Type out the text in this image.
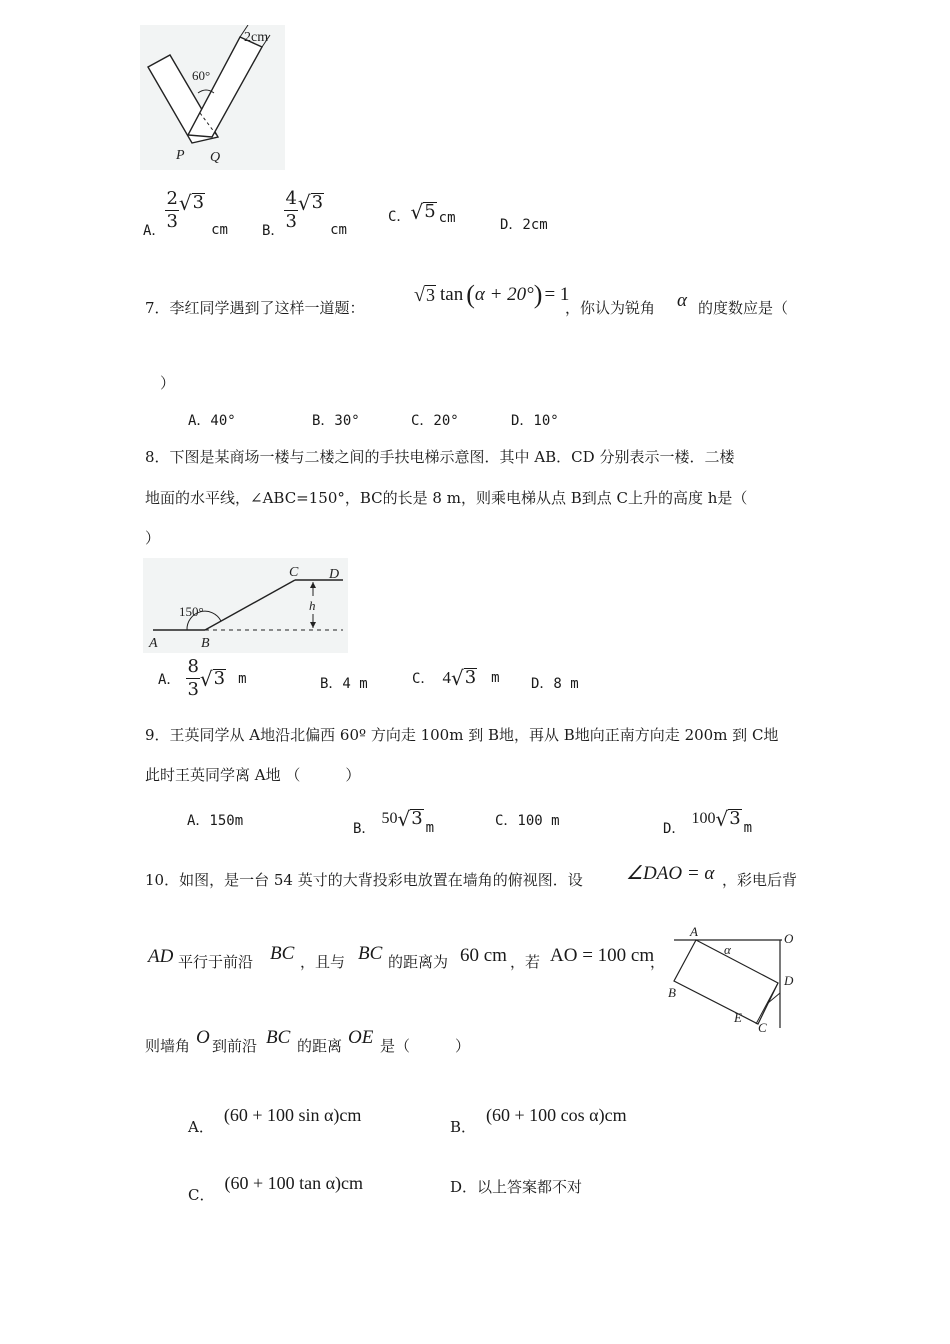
2cm
60°
P Q
A．
$\frac{2}{3}$ √ 3
cm B．
$\frac{4}{3}$ √ 3
cm
C． √ 5 cm	D．2cm
7．李红同学遇到了这样一道题：
√ 3 tan ( α + 20° ) = 1
，你认为锐角 α 的度数应是（
）
A．40°	B．30°	C．20°	D．10°
8．下图是某商场一楼与二楼之间的手扶电梯示意图．其中 AB．CD 分别表示一楼．二楼
地面的水平线，∠ABC=150°，BC的长是 8 m，则乘电梯从点 B到点 C上升的高度 h是（
）
C D
h
150°
A	B
A． $\frac{8}{3}$ √ 3 m	B．4 m	C． 4 √ 3 m D．8 m
9．王英同学从 A地沿北偏西 60º 方向走 100m 到 B地，再从 B地向正南方向走 200m 到 C地
此时王英同学离 A地 （　　　）
A．150m	B．
50 √ 3 m	C．100 m	D．
100 √ 3 m
10．如图，是一台 54 英寸的大背投彩电放置在墙角的俯视图．设 ∠DAO = α ，彩电后背
AD 平行于前沿 BC ，且与 BC 的距离为 60 cm ，若 AO = 100 cm
，
A
α
O
D
B
E
C
则墙角 O 到前沿 BC 的距离 OE 是（　　　）
A．
(60 + 100 sin α)cm
B．
(60 + 100 cos α)cm
C．
(60 + 100 tan α)cm	D．以上答案都不对
